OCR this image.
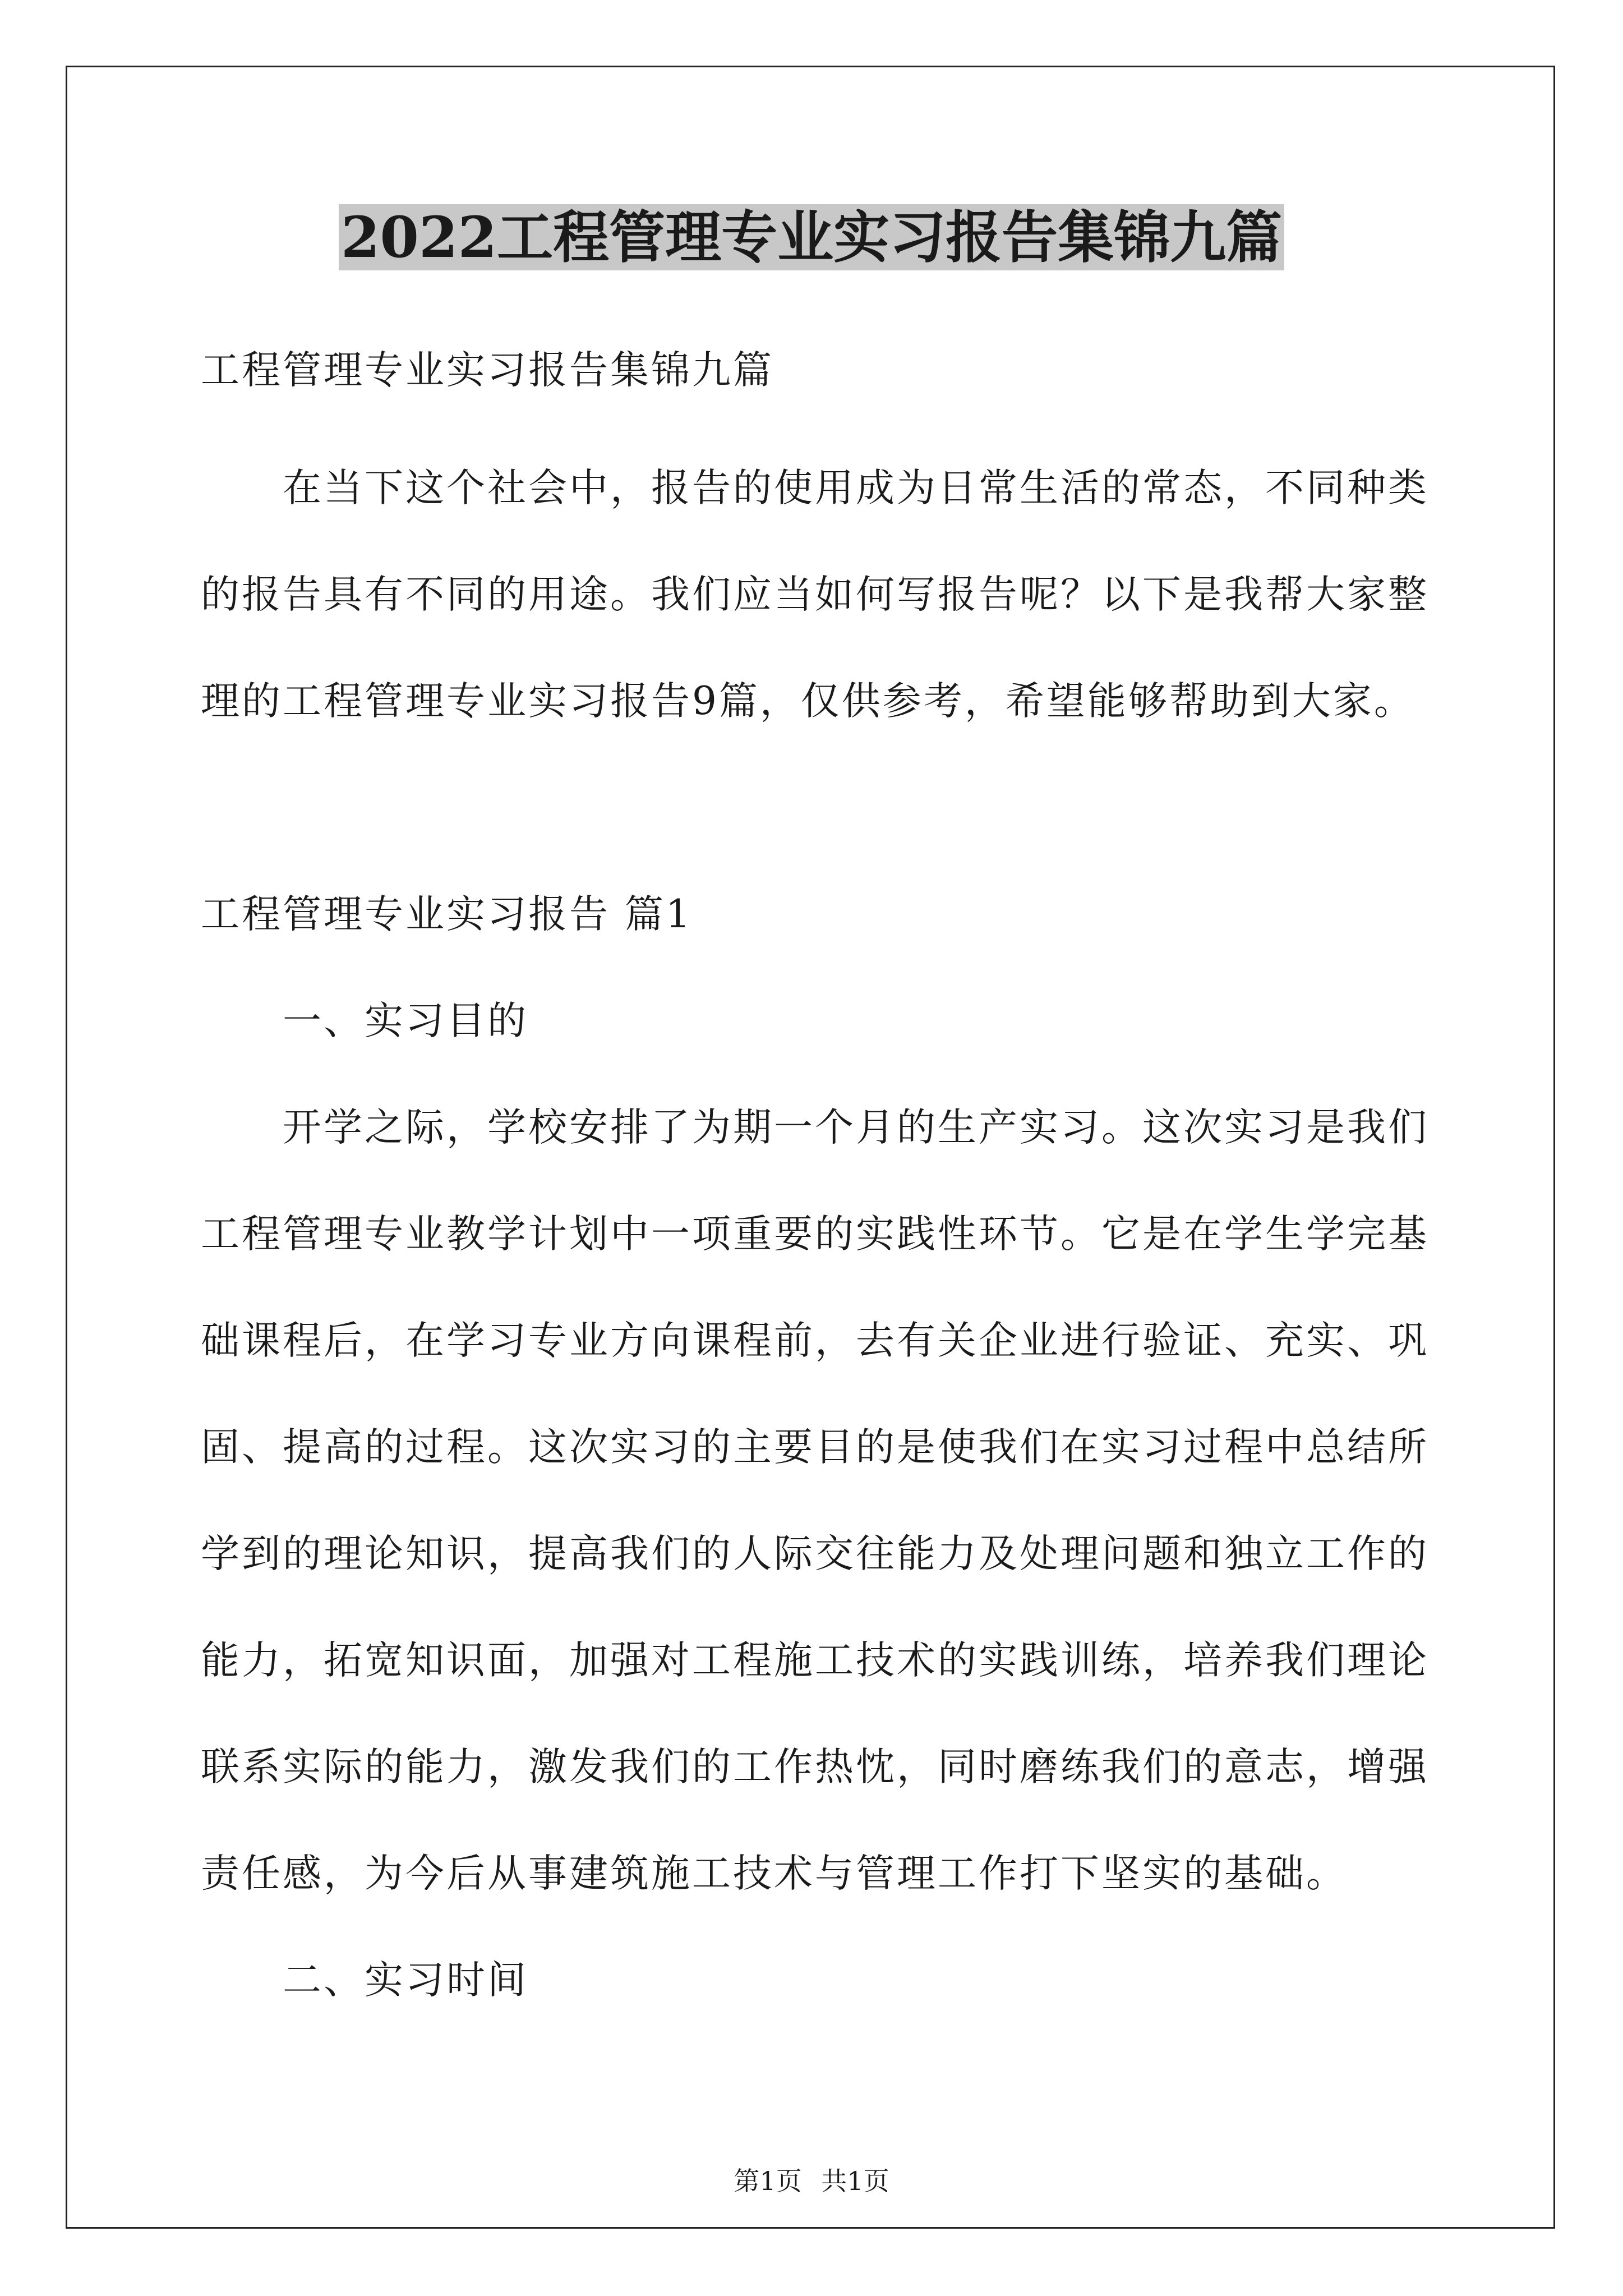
2022工程管理专业实习报告集锦九篇

工程管理专业实习报告集锦九篇

在当下这个社会中，报告的使用成为日常生活的常态，不同种类的报告具有不同的用途。我们应当如何写报告呢？以下是我帮大家整理的工程管理专业实习报告9篇，仅供参考，希望能够帮助到大家。

工程管理专业实习报告 篇1

一、实习目的

开学之际，学校安排了为期一个月的生产实习。这次实习是我们工程管理专业教学计划中一项重要的实践性环节。它是在学生学完基础课程后，在学习专业方向课程前，去有关企业进行验证、充实、巩固、提高的过程。这次实习的主要目的是使我们在实习过程中总结所学到的理论知识，提高我们的人际交往能力及处理问题和独立工作的能力，拓宽知识面，加强对工程施工技术的实践训练，培养我们理论联系实际的能力，激发我们的工作热忱，同时磨练我们的意志，增强责任感，为今后从事建筑施工技术与管理工作打下坚实的基础。

二、实习时间

第1页 共1页
